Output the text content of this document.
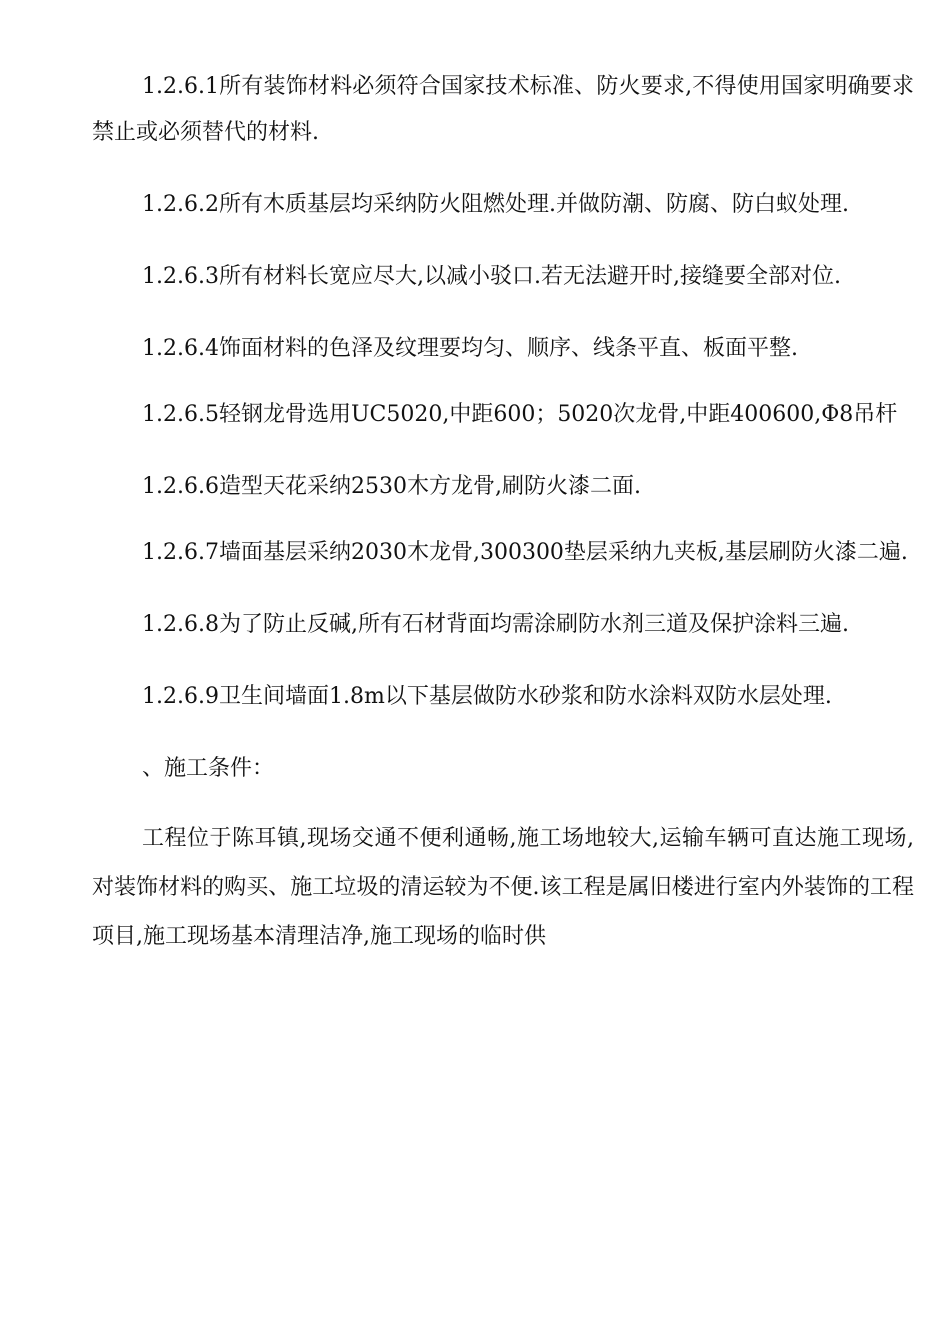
1.2.6.1所有装饰材料必须符合国家技术标准、防火要求,不得使用国家明确要求禁止或必须替代的材料.

1.2.6.2所有木质基层均采纳防火阻燃处理.并做防潮、防腐、防白蚁处理.

1.2.6.3所有材料长宽应尽大,以减小驳口.若无法避开时,接缝要全部对位.

1.2.6.4饰面材料的色泽及纹理要均匀、顺序、线条平直、板面平整.

1.2.6.5轻钢龙骨选用UC5020,中距600；5020次龙骨,中距400600,Φ8吊杆

1.2.6.6造型天花采纳2530木方龙骨,刷防火漆二面.

1.2.6.7墙面基层采纳2030木龙骨,300300垫层采纳九夹板,基层刷防火漆二遍.

1.2.6.8为了防止反碱,所有石材背面均需涂刷防水剂三道及保护涂料三遍.

1.2.6.9卫生间墙面1.8m以下基层做防水砂浆和防水涂料双防水层处理.

、施工条件：

工程位于陈耳镇,现场交通不便利通畅,施工场地较大,运输车辆可直达施工现场,对装饰材料的购买、施工垃圾的清运较为不便.该工程是属旧楼进行室内外装饰的工程项目,施工现场基本清理洁净,施工现场的临时供
